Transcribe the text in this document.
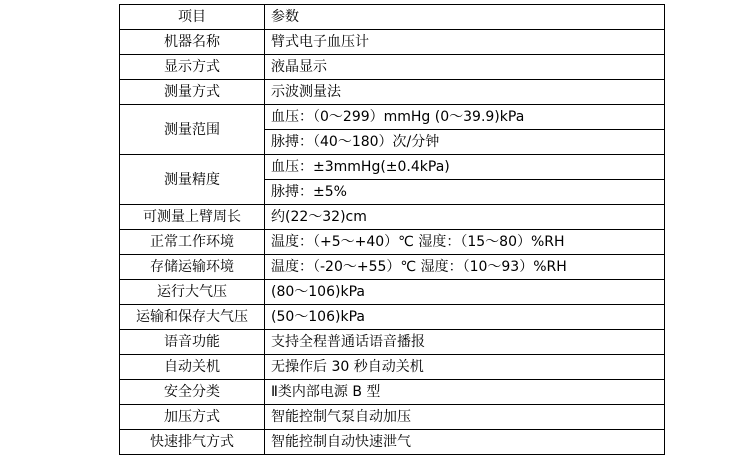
项目	参数
机器名称	臂式电子血压计
显示方式	液晶显示
测量方式	示波测量法
测量范围	血压：（0～299）mmHg (0～39.9)kPa
	脉搏：（40～180）次/分钟
测量精度	血压：±3mmHg(±0.4kPa)
	脉搏：±5%
可测量上臂周长	约(22～32)cm
正常工作环境	温度：（+5～+40）℃ 湿度：（15～80）%RH
存储运输环境	温度：（-20～+55）℃ 湿度：（10～93）%RH
运行大气压	(80～106)kPa
运输和保存大气压	(50～106)kPa
语音功能	支持全程普通话语音播报
自动关机	无操作后 30 秒自动关机
安全分类	Ⅱ类内部电源 B 型
加压方式	智能控制气泵自动加压
快速排气方式	智能控制自动快速泄气
